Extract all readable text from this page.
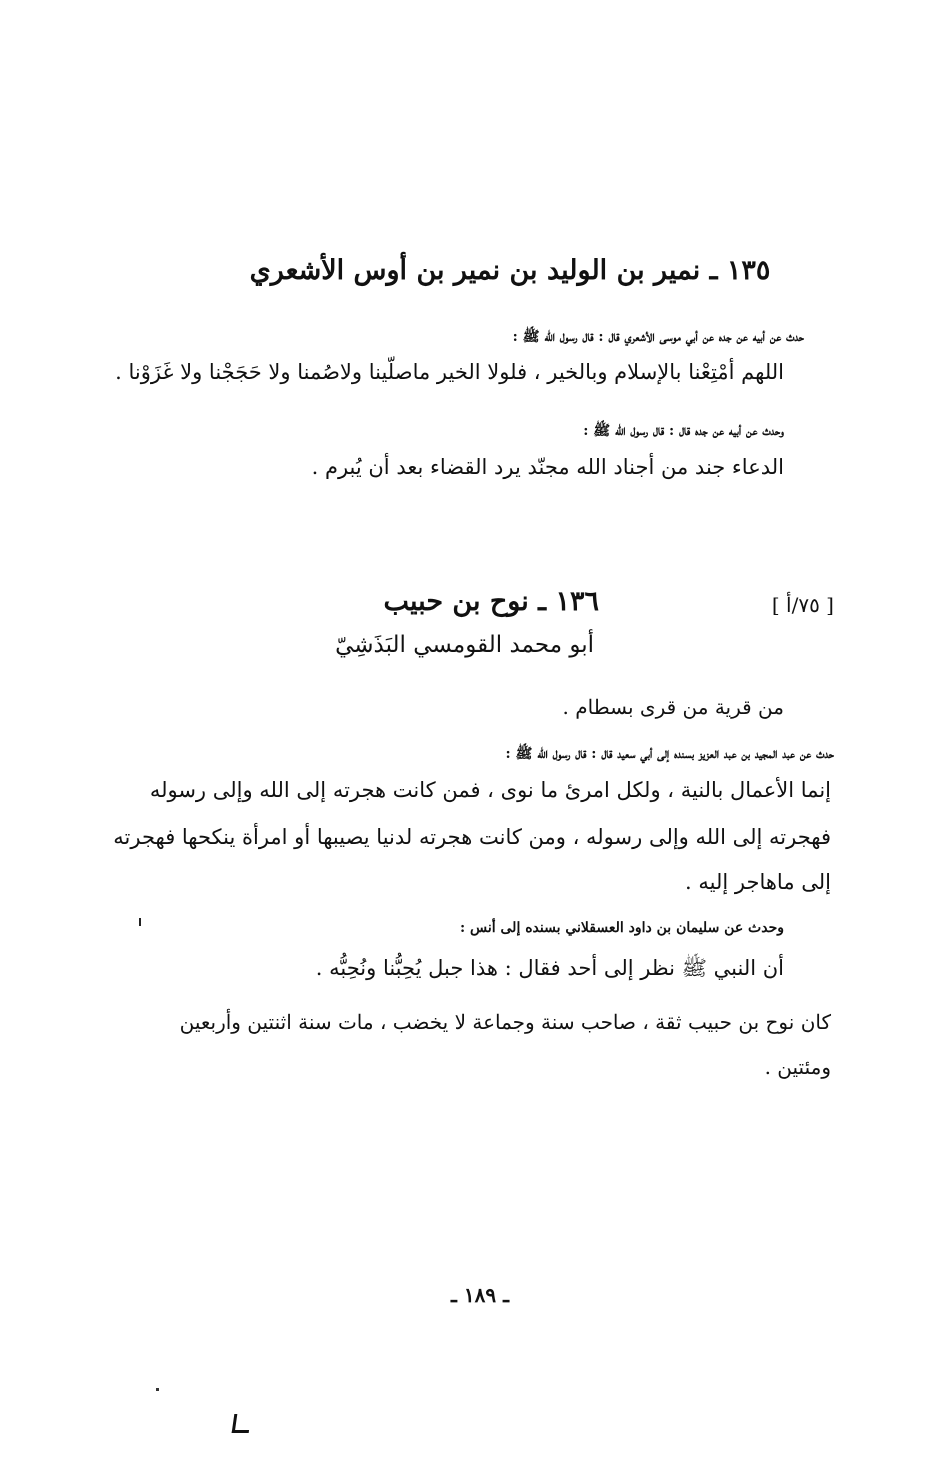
١٣٥ ـ نمير بن الوليد بن نمير بن أوس الأشعري
حدث عن أبيه عن جده عن أبي موسى الأشعري قال : قال رسول الله ﷺ :
اللهم أمْتِعْنا بالإسلام وبالخير ، فلولا الخير ماصلّينا ولاصُمنا ولا حَجَجْنا ولا غَزَوْنا .
وحدث عن أبيه عن جده قال : قال رسول الله ﷺ :
الدعاء جند من أجناد الله مجنّد يرد القضاء بعد أن يُبرم .
[ ٧٥/أ ]
١٣٦ ـ نوح بن حبيب
أبو محمد القومسي البَذَشِيّ
من قرية من قرى بسطام .
حدث عن عبد المجيد بن عبد العزيز بسنده إلى أبي سعيد قال : قال رسول الله ﷺ :
إنما الأعمال بالنية ، ولكل امرئ ما نوى ، فمن كانت هجرته إلى الله وإلى رسوله
فهجرته إلى الله وإلى رسوله ، ومن كانت هجرته لدنيا يصيبها أو امرأة ينكحها فهجرته
إلى ماهاجر إليه .
وحدث عن سليمان بن داود العسقلاني بسنده إلى أنس :
أن النبي ﷺ نظر إلى أحد فقال : هذا جبل يُحِبُّنا ونُحِبُّه .
كان نوح بن حبيب ثقة ، صاحب سنة وجماعة لا يخضب ، مات سنة اثنتين وأربعين
ومئتين .
ـ ١٨٩ ـ
